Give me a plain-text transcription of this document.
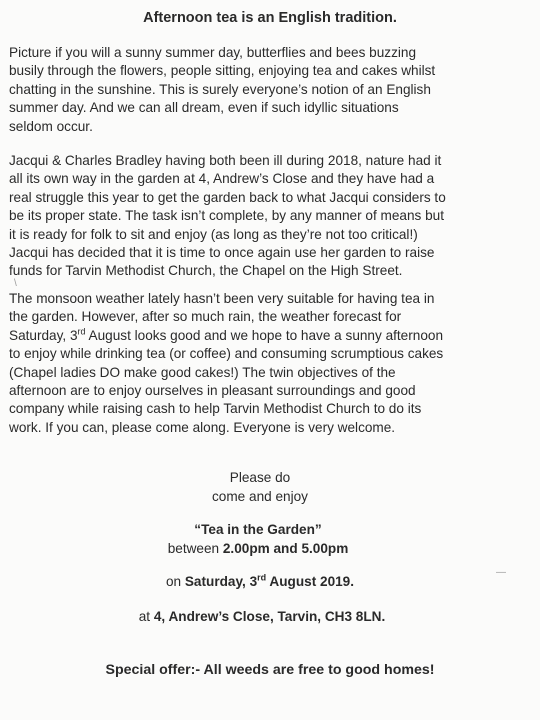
Afternoon tea is an English tradition.

Picture if you will a sunny summer day, butterflies and bees buzzing

busily through the flowers, people sitting, enjoying tea and cakes whilst

chatting in the sunshine. This is surely everyone’s notion of an English

summer day. And we can all dream, even if such idyllic situations

seldom occur.

Jacqui & Charles Bradley having both been ill during 2018, nature had it

all its own way in the garden at 4, Andrew’s Close and they have had a

real struggle this year to get the garden back to what Jacqui considers to

be its proper state. The task isn’t complete, by any manner of means but

it is ready for folk to sit and enjoy (as long as they’re not too critical!)

Jacqui has decided that it is time to once again use her garden to raise

funds for Tarvin Methodist Church, the Chapel on the High Street.

\

The monsoon weather lately hasn’t been very suitable for having tea in

the garden. However, after so much rain, the weather forecast for

Saturday, 3rd August looks good and we hope to have a sunny afternoon

to enjoy while drinking tea (or coffee) and consuming scrumptious cakes

(Chapel ladies DO make good cakes!) The twin objectives of the

afternoon are to enjoy ourselves in pleasant surroundings and good

company while raising cash to help Tarvin Methodist Church to do its

work. If you can, please come along. Everyone is very welcome.

Please do

come and enjoy

“Tea in the Garden”

between 2.00pm and 5.00pm

on Saturday, 3rd August 2019.

—

at 4, Andrew’s Close, Tarvin, CH3 8LN.

Special offer:- All weeds are free to good homes!
